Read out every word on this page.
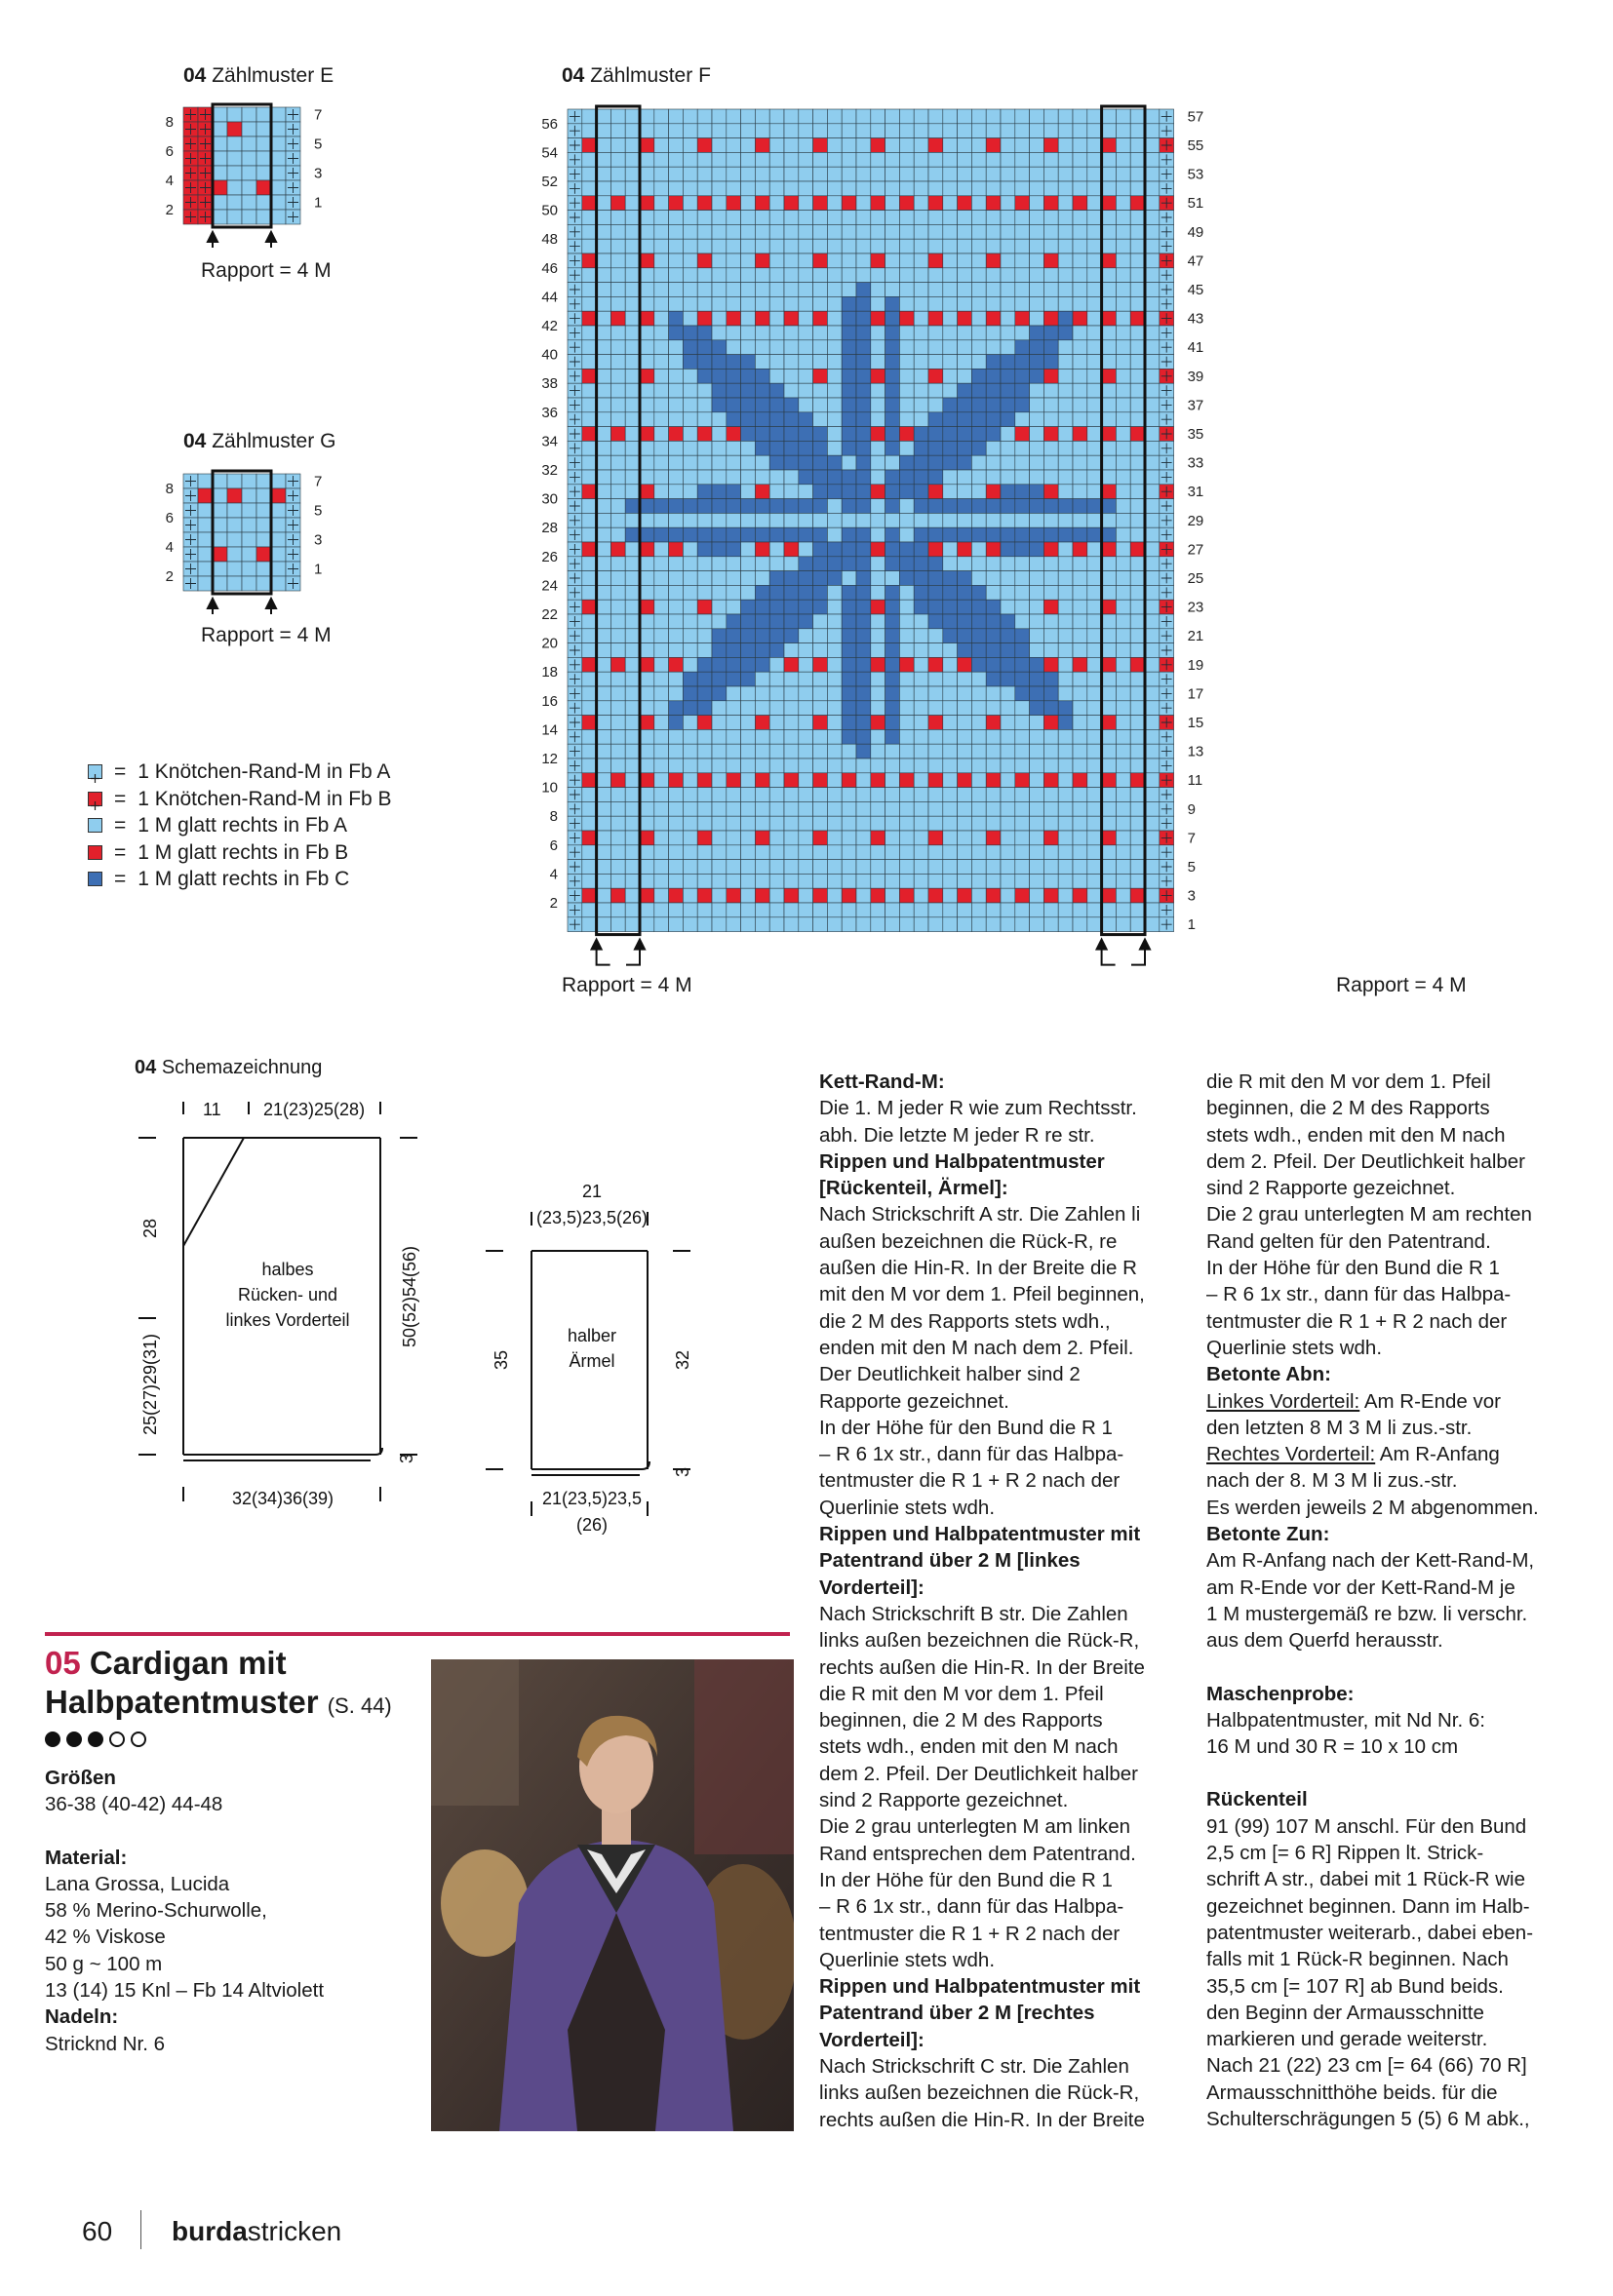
04 Zählmuster E
8
6
4
2
7
5
3
1
Rapport = 4 M
04 Zählmuster G
8
6
4
2
7
5
3
1
Rapport = 4 M
= 1 Knötchen-Rand-M in Fb A
= 1 Knötchen-Rand-M in Fb B
= 1 M glatt rechts in Fb A
= 1 M glatt rechts in Fb B
= 1 M glatt rechts in Fb C
04 Zählmuster F
56
54
52
50
48
46
44
42
40
38
36
34
32
30
28
26
24
22
20
18
16
14
12
10
8
6
4
2
57
55
53
51
49
47
45
43
41
39
37
35
33
31
29
27
25
23
21
19
17
15
13
11
9
7
5
3
1
Rapport = 4 M	Rapport = 4 M
04 Schemazeichnung
11 21(23)25(28)
28
25(27)29(31)
50(52)54(56)
3
32(34)36(39)
halbes
Rücken- und
linkes Vorderteil
21
(23,5)23,5(26)
35	32
3
21(23,5)23,5
(26)
halber
Ärmel

Kett-Rand-M:

Die 1. M jeder R wie zum Rechtsstr.

abh. Die letzte M jeder R re str.

Rippen und Halbpatentmuster

[Rückenteil, Ärmel]:

Nach Strickschrift A str. Die Zahlen li

außen bezeichnen die Rück-R, re

außen die Hin-R. In der Breite die R

mit den M vor dem 1. Pfeil beginnen,

die 2 M des Rapports stets wdh.,

enden mit den M nach dem 2. Pfeil.

Der Deutlichkeit halber sind 2

Rapporte gezeichnet.

In der Höhe für den Bund die R 1

– R 6 1x str., dann für das Halbpa-

tentmuster die R 1 + R 2 nach der

Querlinie stets wdh.

Rippen und Halbpatentmuster mit

Patentrand über 2 M [linkes

Vorderteil]:

Nach Strickschrift B str. Die Zahlen

links außen bezeichnen die Rück-R,

rechts außen die Hin-R. In der Breite

die R mit den M vor dem 1. Pfeil

beginnen, die 2 M des Rapports

stets wdh., enden mit den M nach

dem 2. Pfeil. Der Deutlichkeit halber

sind 2 Rapporte gezeichnet.

Die 2 grau unterlegten M am linken

Rand entsprechen dem Patentrand.

In der Höhe für den Bund die R 1

– R 6 1x str., dann für das Halbpa-

tentmuster die R 1 + R 2 nach der

Querlinie stets wdh.

Rippen und Halbpatentmuster mit

Patentrand über 2 M [rechtes

Vorderteil]:

Nach Strickschrift C str. Die Zahlen

links außen bezeichnen die Rück-R,

rechts außen die Hin-R. In der Breite

die R mit den M vor dem 1. Pfeil

beginnen, die 2 M des Rapports

stets wdh., enden mit den M nach

dem 2. Pfeil. Der Deutlichkeit halber

sind 2 Rapporte gezeichnet.

Die 2 grau unterlegten M am rechten

Rand gelten für den Patentrand.

In der Höhe für den Bund die R 1

– R 6 1x str., dann für das Halbpa-

tentmuster die R 1 + R 2 nach der

Querlinie stets wdh.

Betonte Abn:

Linkes Vorderteil: Am R-Ende vor

den letzten 8 M 3 M li zus.-str.

Rechtes Vorderteil: Am R-Anfang

nach der 8. M 3 M li zus.-str.

Es werden jeweils 2 M abgenommen.

Betonte Zun:

Am R-Anfang nach der Kett-Rand-M,

am R-Ende vor der Kett-Rand-M je

1 M mustergemäß re bzw. li verschr.

aus dem Querfd herausstr.

Maschenprobe:

Halbpatentmuster, mit Nd Nr. 6:

16 M und 30 R = 10 x 10 cm

Rückenteil

91 (99) 107 M anschl. Für den Bund

2,5 cm [= 6 R] Rippen lt. Strick-

schrift A str., dabei mit 1 Rück-R wie

gezeichnet beginnen. Dann im Halb-

patentmuster weiterarb., dabei eben-

falls mit 1 Rück-R beginnen. Nach

35,5 cm [= 107 R] ab Bund beids.

den Beginn der Armausschnitte

markieren und gerade weiterstr.

Nach 21 (22) 23 cm [= 64 (66) 70 R]

Armausschnitthöhe beids. für die

Schulterschrägungen 5 (5) 6 M abk.,

05 Cardigan mit
Halbpatentmuster (S. 44)

Größen

36-38 (40-42) 44-48

Material:

Lana Grossa, Lucida

58 % Merino-Schurwolle,

42 % Viskose

50 g ~ 100 m

13 (14) 15 Knl – Fb 14 Altviolett

Nadeln:

Stricknd Nr. 6

60 burdastricken
